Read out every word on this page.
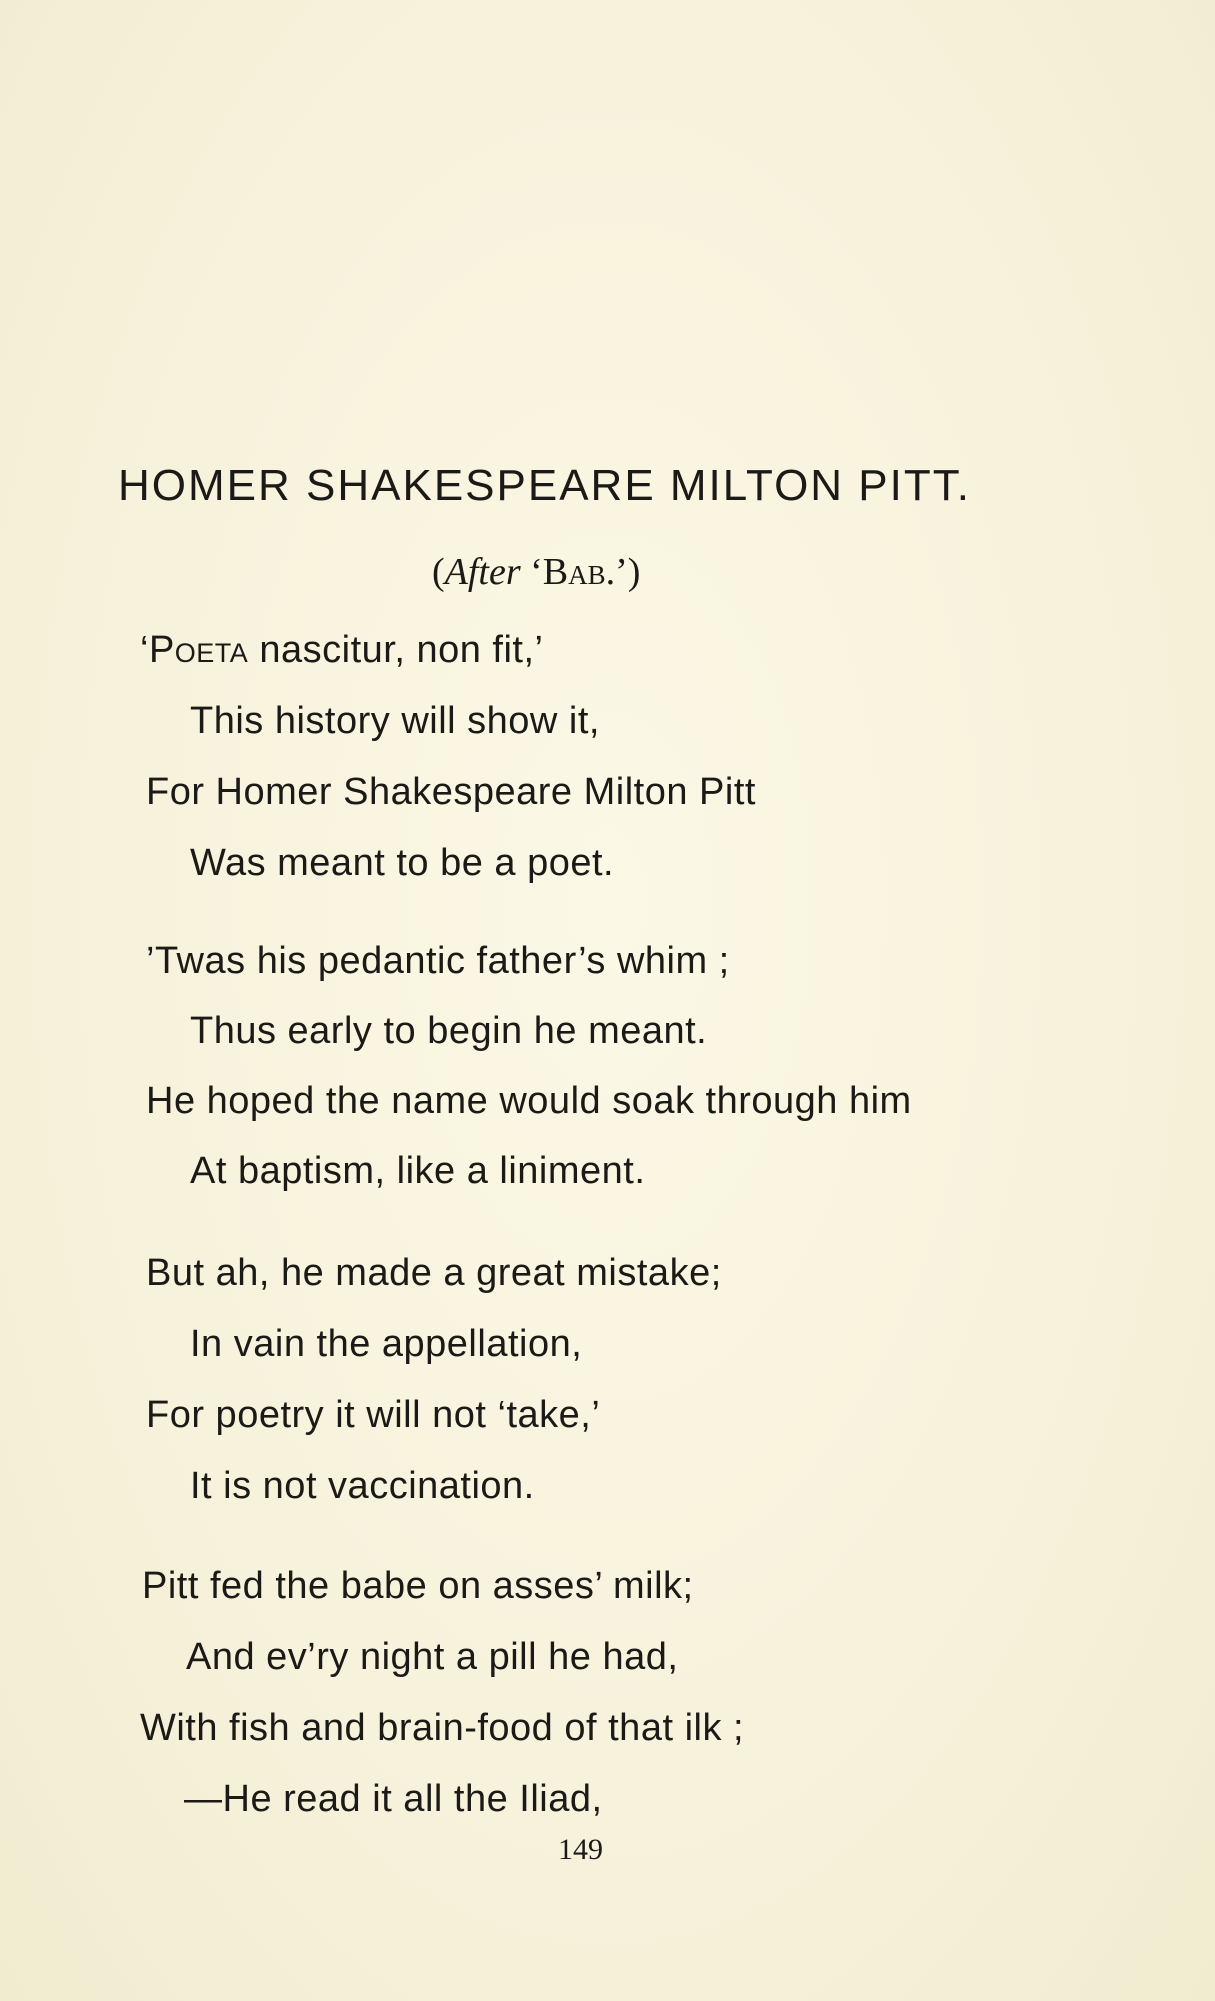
HOMER SHAKESPEARE MILTON PITT.
(After ‘Bab.’)
‘Poeta nascitur, non fit,’
This history will show it,
For Homer Shakespeare Milton Pitt
Was meant to be a poet.
’Twas his pedantic father’s whim ;
Thus early to begin he meant.
He hoped the name would soak through him
At baptism, like a liniment.
But ah, he made a great mistake;
In vain the appellation,
For poetry it will not ‘take,’
It is not vaccination.
Pitt fed the babe on asses’ milk;
And ev’ry night a pill he had,
With fish and brain-food of that ilk ;
—He read it all the Iliad,
149
